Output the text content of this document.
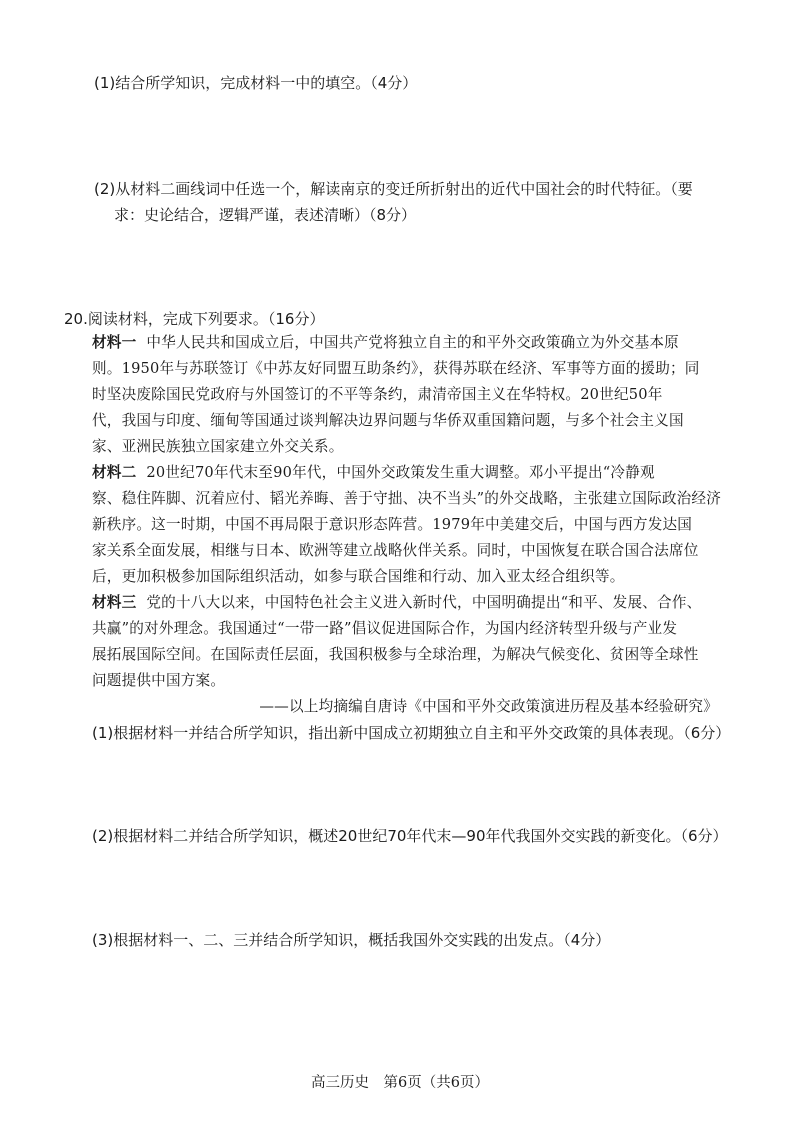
(1)结合所学知识，完成材料一中的填空。（4分）
(2)从材料二画线词中任选一个，解读南京的变迁所折射出的近代中国社会的时代特征。（要
求：史论结合，逻辑严谨，表述清晰）（8分）
20.阅读材料，完成下列要求。（16分）
材料一 中华人民共和国成立后，中国共产党将独立自主的和平外交政策确立为外交基本原
则。1950年与苏联签订《中苏友好同盟互助条约》，获得苏联在经济、军事等方面的援助；同
时坚决废除国民党政府与外国签订的不平等条约，肃清帝国主义在华特权。20世纪50年
代，我国与印度、缅甸等国通过谈判解决边界问题与华侨双重国籍问题，与多个社会主义国
家、亚洲民族独立国家建立外交关系。
材料二 20世纪70年代末至90年代，中国外交政策发生重大调整。邓小平提出“冷静观
察、稳住阵脚、沉着应付、韬光养晦、善于守拙、决不当头”的外交战略，主张建立国际政治经济
新秩序。这一时期，中国不再局限于意识形态阵营。1979年中美建交后，中国与西方发达国
家关系全面发展，相继与日本、欧洲等建立战略伙伴关系。同时，中国恢复在联合国合法席位
后，更加积极参加国际组织活动，如参与联合国维和行动、加入亚太经合组织等。
材料三 党的十八大以来，中国特色社会主义进入新时代，中国明确提出“和平、发展、合作、
共赢”的对外理念。我国通过“一带一路”倡议促进国际合作，为国内经济转型升级与产业发
展拓展国际空间。在国际责任层面，我国积极参与全球治理，为解决气候变化、贫困等全球性
问题提供中国方案。
——以上均摘编自唐诗《中国和平外交政策演进历程及基本经验研究》
(1)根据材料一并结合所学知识，指出新中国成立初期独立自主和平外交政策的具体表现。（6分）
(2)根据材料二并结合所学知识，概述20世纪70年代末—90年代我国外交实践的新变化。（6分）
(3)根据材料一、二、三并结合所学知识，概括我国外交实践的出发点。（4分）
高三历史　第6页（共6页）
